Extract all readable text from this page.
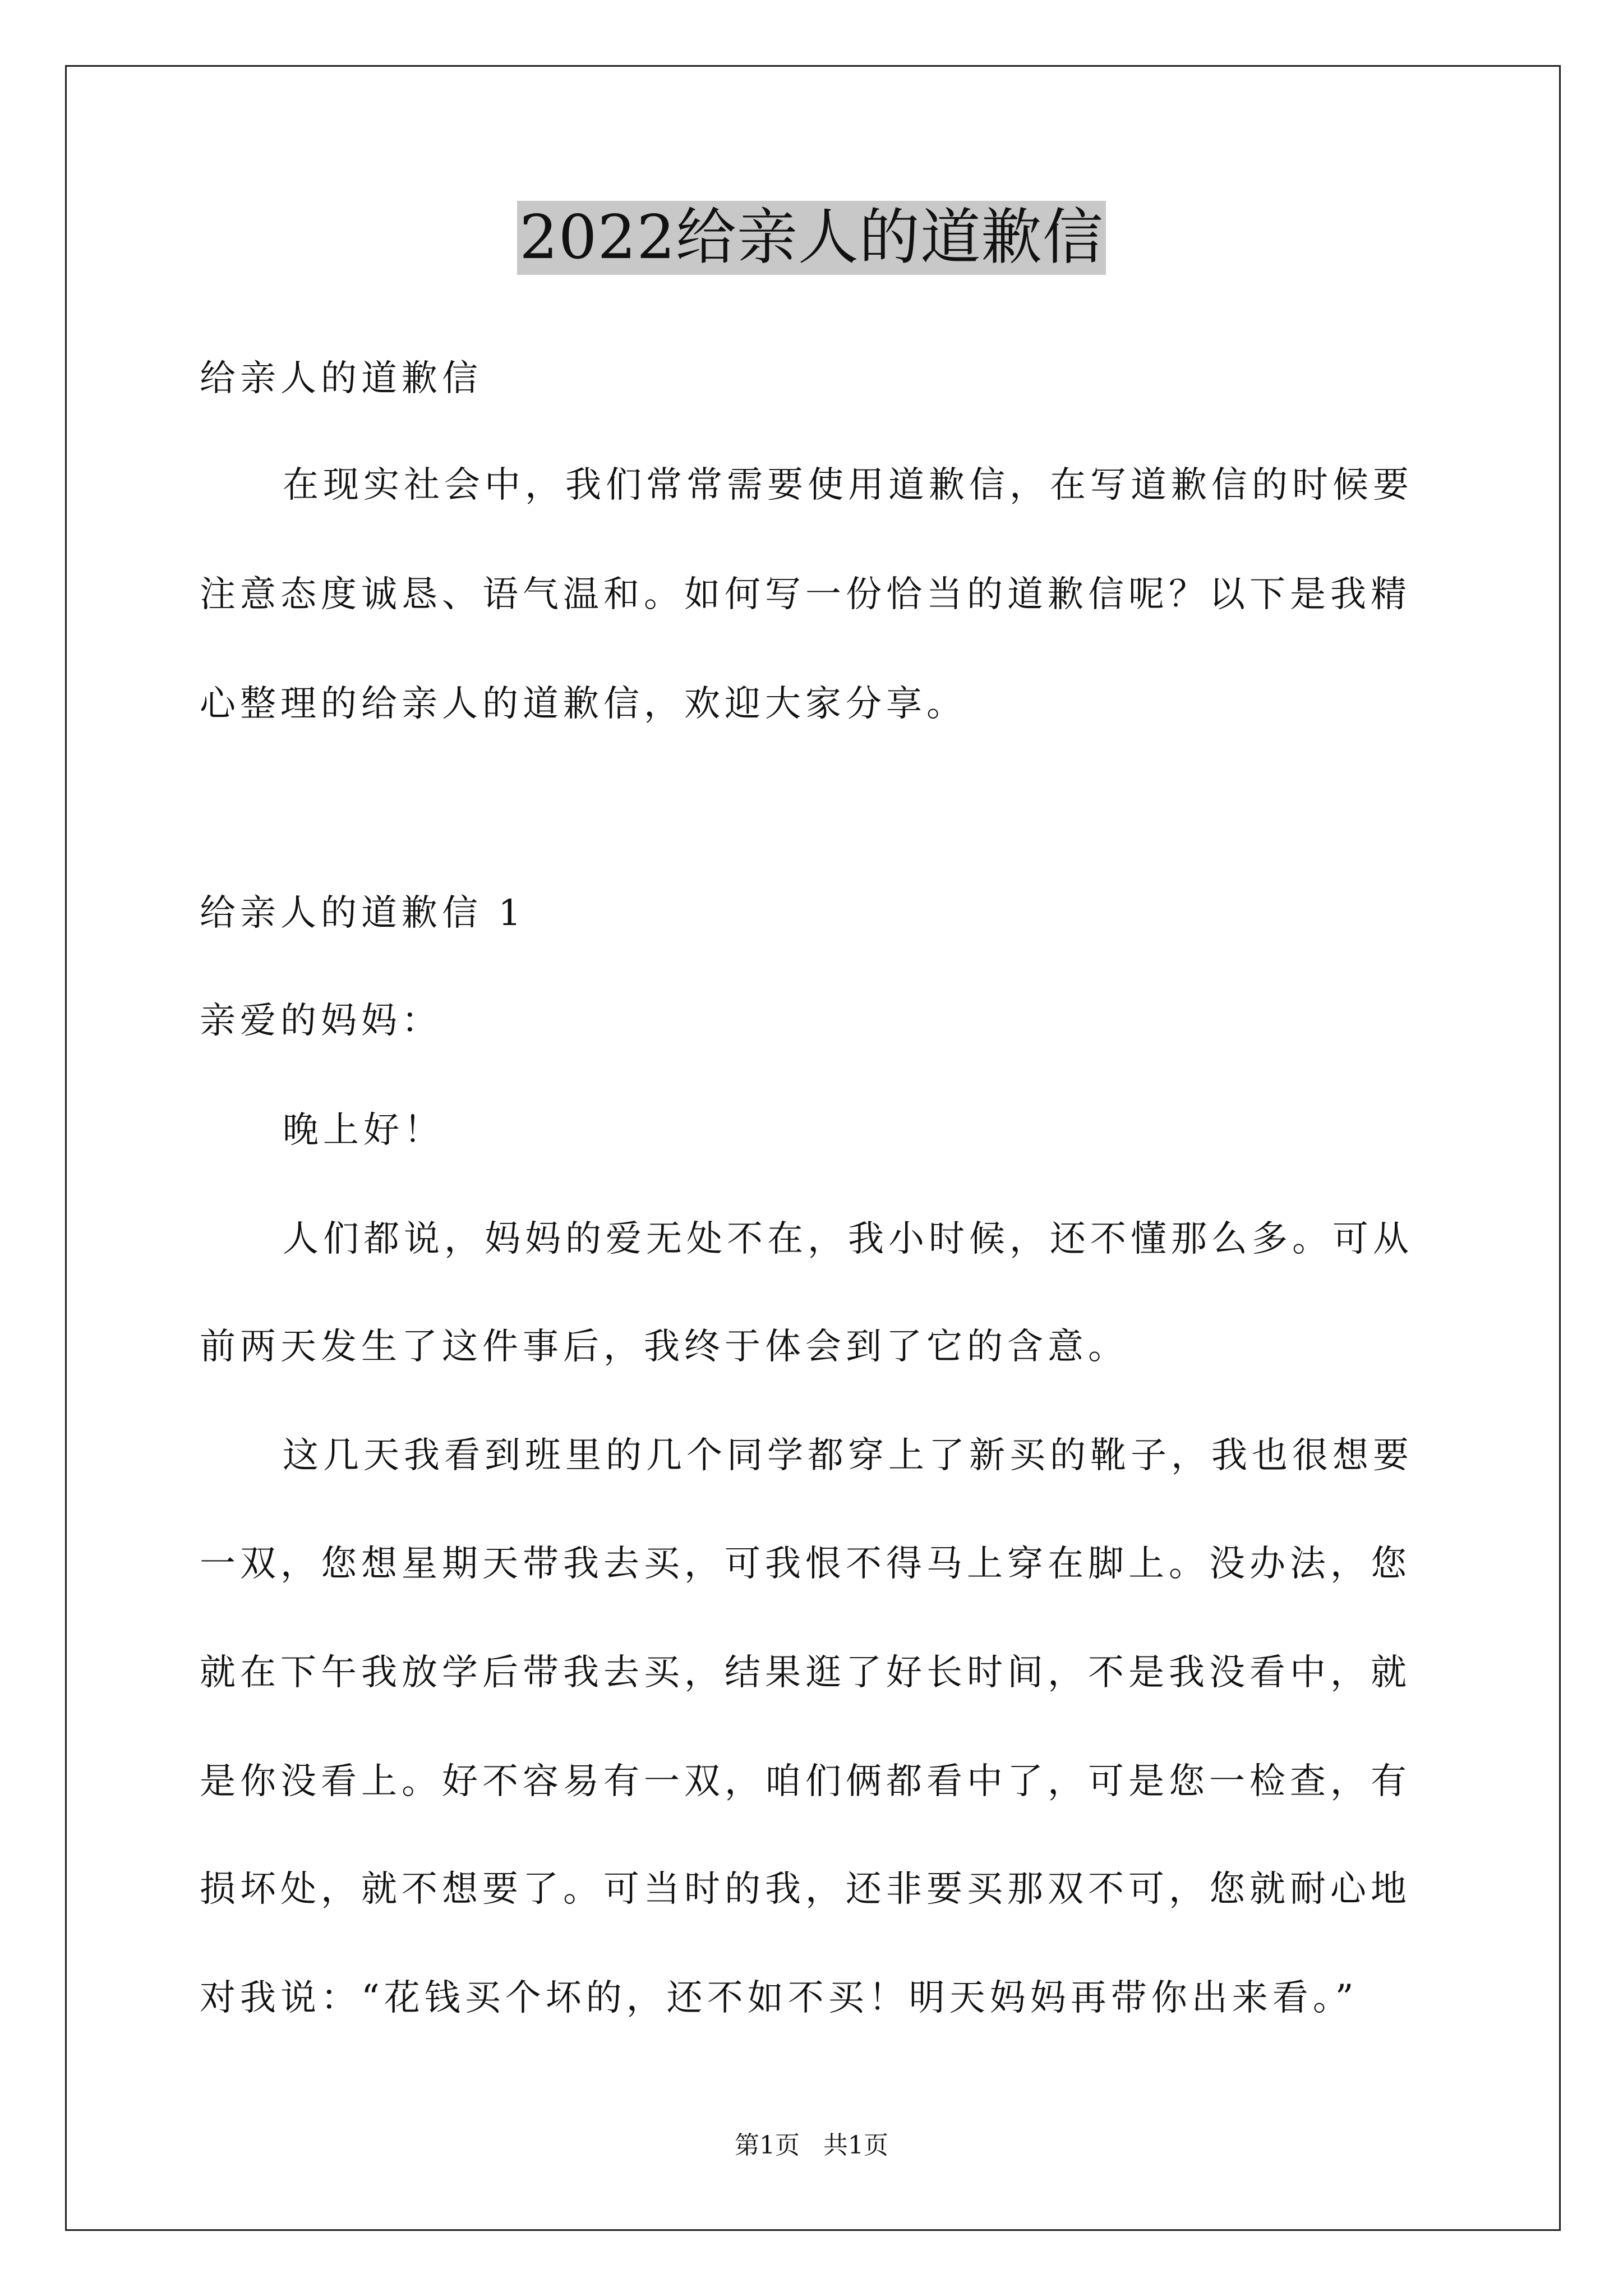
2022给亲人的道歉信
给亲人的道歉信
在现实社会中，我们常常需要使用道歉信，在写道歉信的时候要
注意态度诚恳、语气温和。如何写一份恰当的道歉信呢？以下是我精
心整理的给亲人的道歉信，欢迎大家分享。
给亲人的道歉信 1
亲爱的妈妈：
晚上好！
人们都说，妈妈的爱无处不在，我小时候，还不懂那么多。可从
前两天发生了这件事后，我终于体会到了它的含意。
这几天我看到班里的几个同学都穿上了新买的靴子，我也很想要
一双，您想星期天带我去买，可我恨不得马上穿在脚上。没办法，您
就在下午我放学后带我去买，结果逛了好长时间，不是我没看中，就
是你没看上。好不容易有一双，咱们俩都看中了，可是您一检查，有
损坏处，就不想要了。可当时的我，还非要买那双不可，您就耐心地
对我说：“花钱买个坏的，还不如不买！明天妈妈再带你出来看。”
第1页 共1页
